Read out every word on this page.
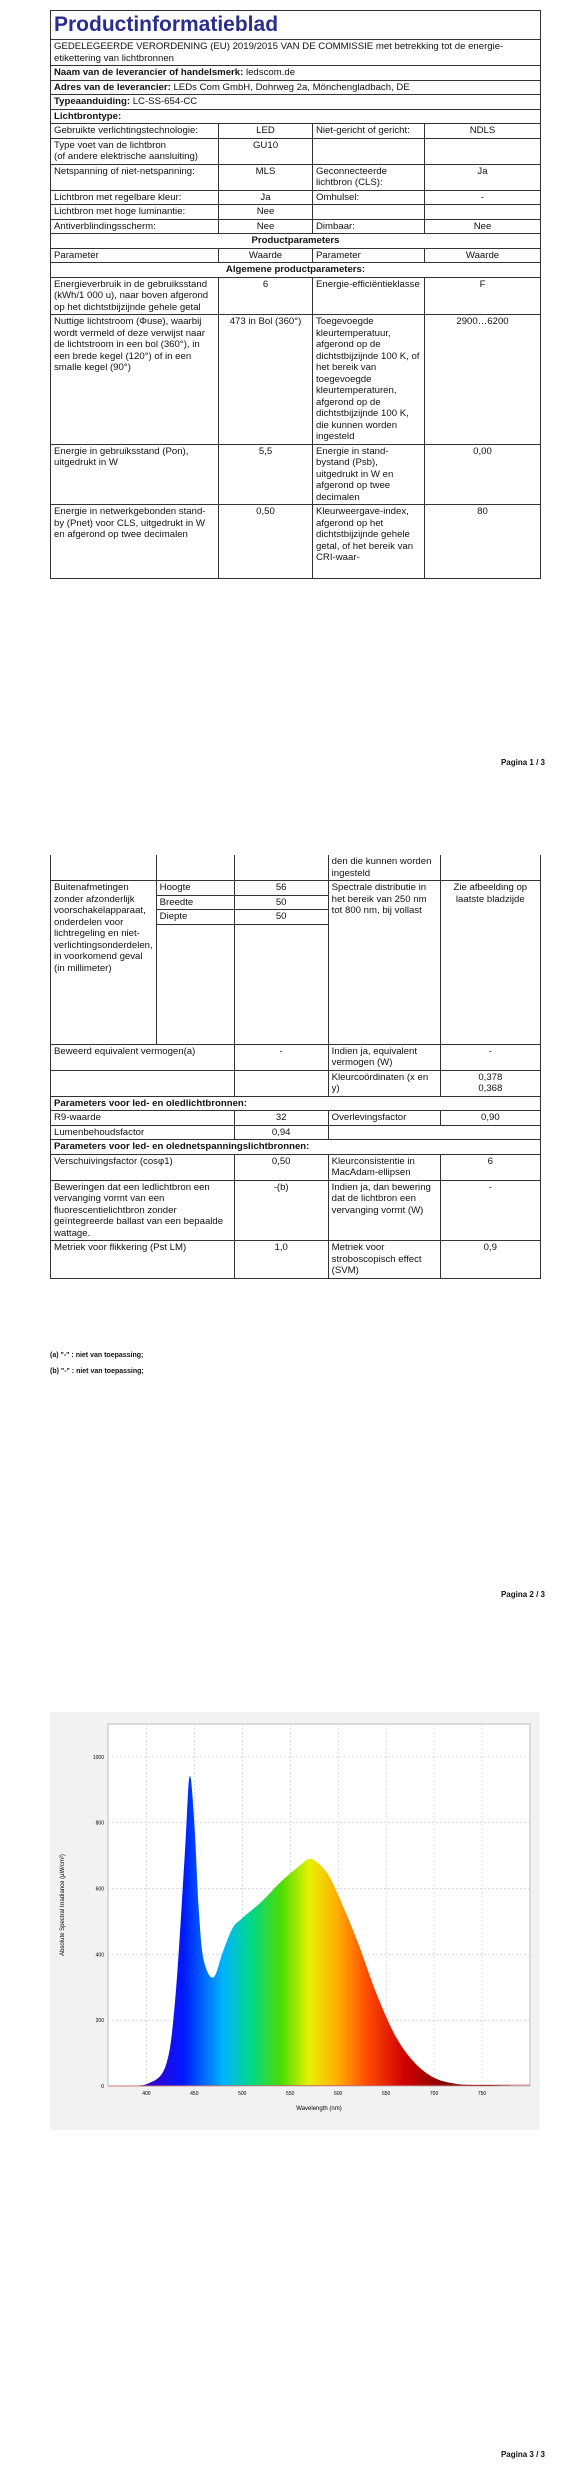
Productinformatieblad			
GEDELEGEERDE VERORDENING (EU) 2019/2015 VAN DE COMMISSIE met betrekking tot de energie-etikettering van lichtbronnen			
Naam van de leverancier of handelsmerk: ledscom.de			
Adres van de leverancier: LEDs Com GmbH, Dohrweg 2a, Mönchengladbach, DE			
Typeaanduiding: LC-SS-654-CC			
Lichtbrontype:			
Gebruikte verlichtingstechnologie:	LED	Niet-gericht of gericht:	NDLS
Type voet van de lichtbron
(of andere elektrische aansluiting)	GU10		
Netspanning of niet-netspanning:	MLS	Geconnecteerde lichtbron (CLS):	Ja
Lichtbron met regelbare kleur:	Ja	Omhulsel:	-
Lichtbron met hoge luminantie:	Nee		
Antiverblindingsscherm:	Nee	Dimbaar:	Nee
Productparameters			
Parameter	Waarde	Parameter	Waarde
Algemene productparameters:			
Energieverbruik in de gebruiksstand (kWh/1 000 u), naar boven afgerond op het dichtstbijzijnde gehele getal	6	Energie-efficiëntieklasse	F
Nuttige lichtstroom (Φuse), waarbij wordt vermeld of deze verwijst naar de lichtstroom in een bol (360°), in een brede kegel (120°) of in een smalle kegel (90°)	473 in Bol (360°)	Toegevoegde kleurtemperatuur, afgerond op de dichtstbijzijnde 100 K, of het bereik van toegevoegde kleurtemperaturen, afgerond op de dichtstbijzijnde 100 K, die kunnen worden ingesteld	2900…6200
Energie in gebruiksstand (Pon), uitgedrukt in W	5,5	Energie in stand-bystand (Psb), uitgedrukt in W en afgerond op twee decimalen	0,00
Energie in netwerkgebonden stand-by (Pnet) voor CLS, uitgedrukt in W en afgerond op twee decimalen	0,50	Kleurweergave-index, afgerond op het dichtstbijzijnde gehele getal, of het bereik van CRI-waar-	80
Pagina 1 / 3
			den die kunnen worden ingesteld	
Buitenafmetingen zonder afzonderlijk voorschakelapparaat, onderdelen voor lichtregeling en niet-verlichtingsonderdelen, in voorkomend geval (in millimeter)	Hoogte	56	Spectrale distributie in het bereik van 250 nm tot 800 nm, bij vollast	Zie afbeelding op laatste bladzijde
	Breedte	50		
	Diepte	50		

Beweerd equivalent vermogen(a)		-	Indien ja, equivalent vermogen (W)	-
			Kleurcoördinaten (x en y)	0,378
0,368

Parameters voor led- en oledlichtbronnen:				
R9-waarde		32	Overlevingsfactor	0,90
Lumenbehoudsfactor		0,94		
Parameters voor led- en olednetspanningslichtbronnen:				
Verschuivingsfactor (cosφ1)		0,50	Kleurconsistentie in MacAdam-ellipsen	6
Beweringen dat een ledlichtbron een vervanging vormt van een fluorescentielichtbron zonder geïntegreerde ballast van een bepaalde wattage.		-(b)	Indien ja, dan bewering dat de lichtbron een vervanging vormt (W)	-
Metriek voor flikkering (Pst LM)		1,0	Metriek voor stroboscopisch effect (SVM)	0,9
(a) "-" : niet van toepassing;
(b) "-" : niet van toepassing;
Pagina 2 / 3
400	450	500	550	600	650	700	750
0
200
400
600
800
1000
Absolute Spectral Irradiance (µW/cm²)
Wavelength (nm)
Pagina 3 / 3
